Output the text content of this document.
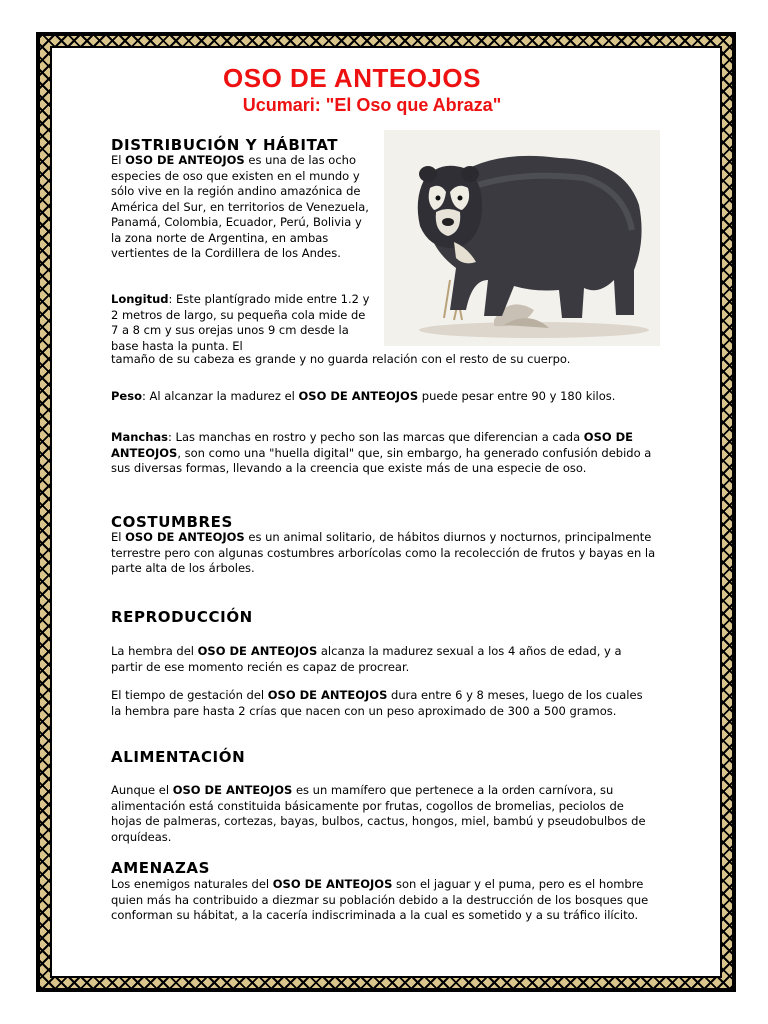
OSO DE ANTEOJOS
Ucumari: "El Oso que Abraza"
DISTRIBUCIÓN Y HÁBITAT

El OSO DE ANTEOJOS es una de las ocho especies de oso que existen en el mundo y sólo vive en la región andino amazónica de América del Sur, en territorios de Venezuela, Panamá, Colombia, Ecuador, Perú, Bolivia y la zona norte de Argentina, en ambas vertientes de la Cordillera de los Andes.

Longitud: Este plantígrado mide entre 1.2 y 2 metros de largo, su pequeña cola mide de 7 a 8 cm y sus orejas unos 9 cm desde la base hasta la punta. El

tamaño de su cabeza es grande y no guarda relación con el resto de su cuerpo.

Peso: Al alcanzar la madurez el OSO DE ANTEOJOS puede pesar entre 90 y 180 kilos.

Manchas: Las manchas en rostro y pecho son las marcas que diferencian a cada OSO DE ANTEOJOS, son como una "huella digital" que, sin embargo, ha generado confusión debido a sus diversas formas, llevando a la creencia que existe más de una especie de oso.

COSTUMBRES

El OSO DE ANTEOJOS es un animal solitario, de hábitos diurnos y nocturnos, principalmente terrestre pero con algunas costumbres arborícolas como la recolección de frutos y bayas en la parte alta de los árboles.

REPRODUCCIÓN

La hembra del OSO DE ANTEOJOS alcanza la madurez sexual a los 4 años de edad, y a partir de ese momento recién es capaz de procrear.

El tiempo de gestación del OSO DE ANTEOJOS dura entre 6 y 8 meses, luego de los cuales la hembra pare hasta 2 crías que nacen con un peso aproximado de 300 a 500 gramos.

ALIMENTACIÓN

Aunque el OSO DE ANTEOJOS es un mamífero que pertenece a la orden carnívora, su alimentación está constituida básicamente por frutas, cogollos de bromelias, peciolos de hojas de palmeras, cortezas, bayas, bulbos, cactus, hongos, miel, bambú y pseudobulbos de orquídeas.

AMENAZAS

Los enemigos naturales del OSO DE ANTEOJOS son el jaguar y el puma, pero es el hombre quien más ha contribuido a diezmar su población debido a la destrucción de los bosques que conforman su hábitat, a la cacería indiscriminada a la cual es sometido y a su tráfico ilícito.
